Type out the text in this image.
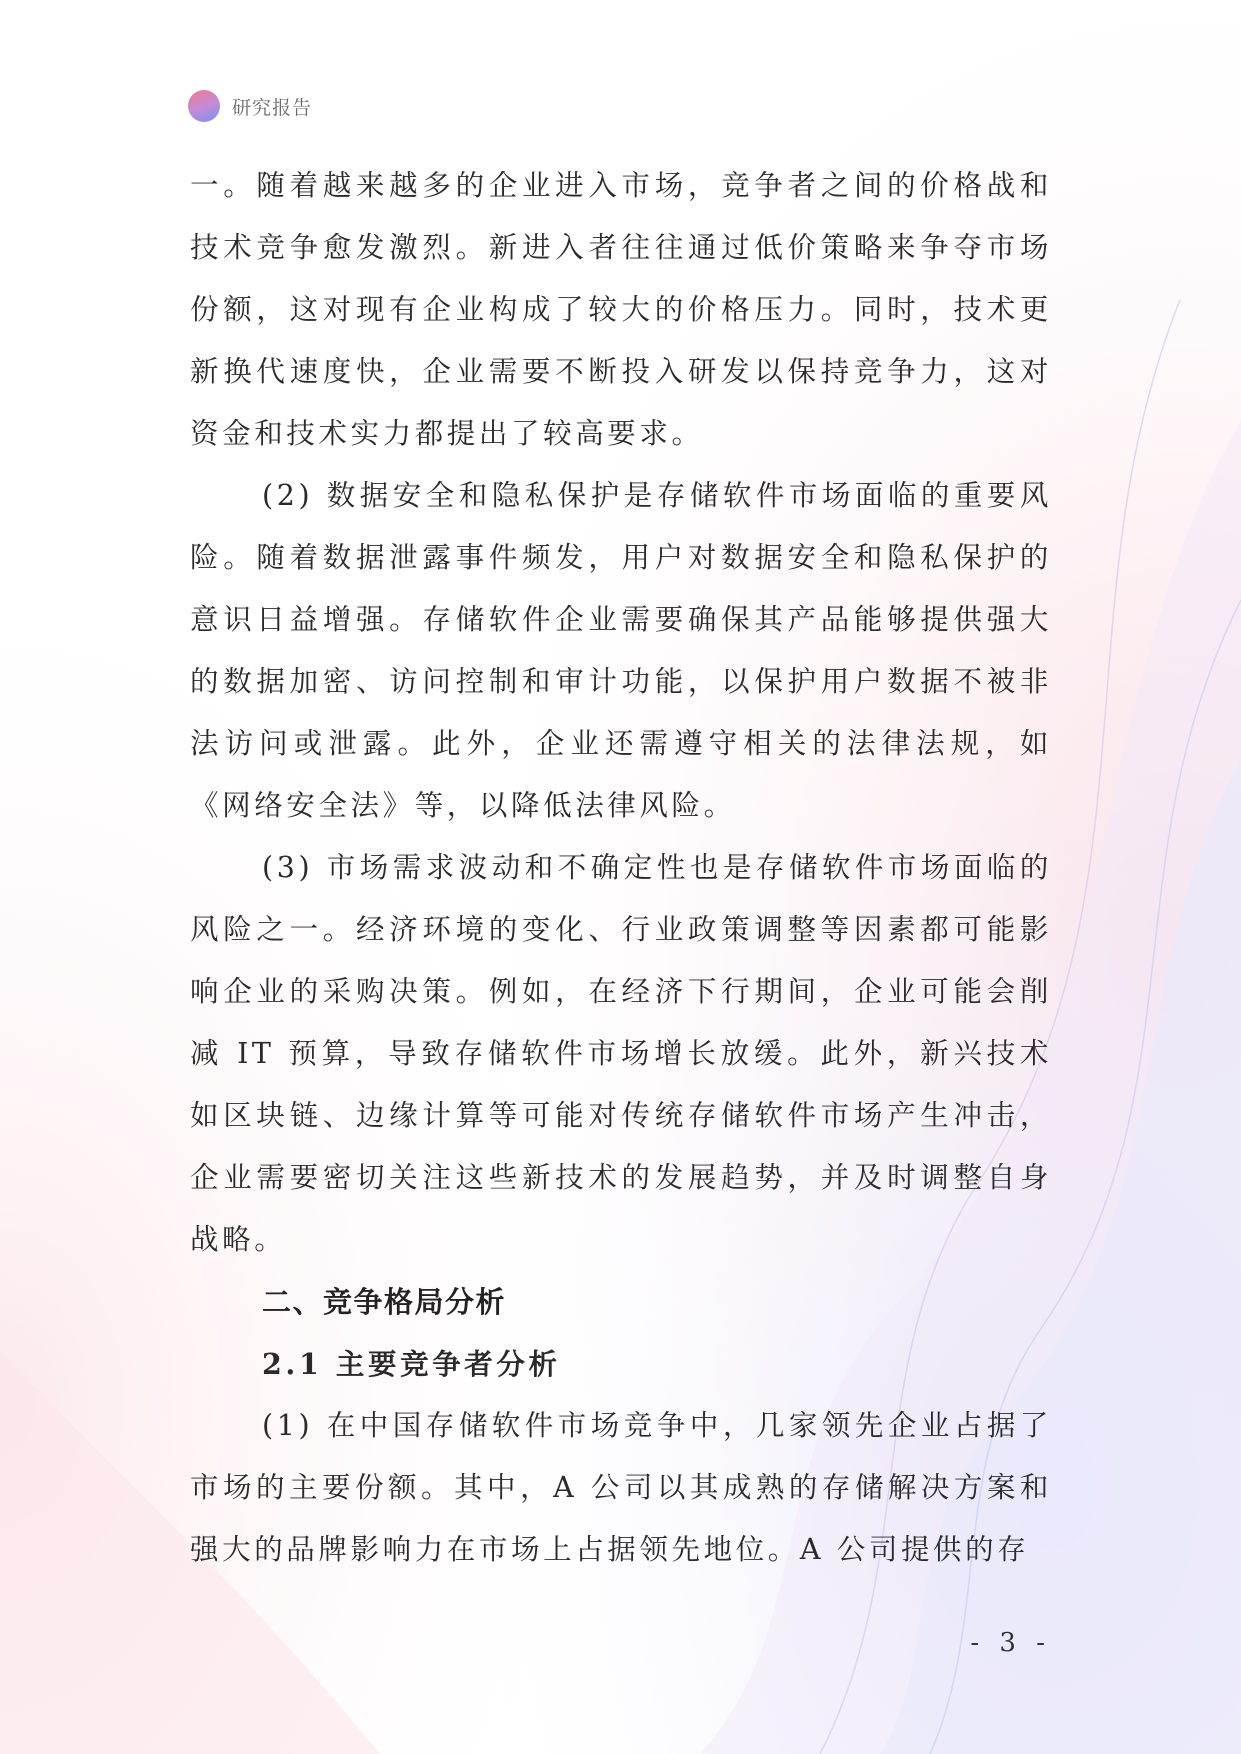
研究报告

一。随着越来越多的企业进入市场，竞争者之间的价格战和技术竞争愈发激烈。新进入者往往通过低价策略来争夺市场份额，这对现有企业构成了较大的价格压力。同时，技术更新换代速度快，企业需要不断投入研发以保持竞争力，这对资金和技术实力都提出了较高要求。

(2) 数据安全和隐私保护是存储软件市场面临的重要风险。随着数据泄露事件频发，用户对数据安全和隐私保护的意识日益增强。存储软件企业需要确保其产品能够提供强大的数据加密、访问控制和审计功能，以保护用户数据不被非法访问或泄露。此外，企业还需遵守相关的法律法规，如《网络安全法》等，以降低法律风险。

(3) 市场需求波动和不确定性也是存储软件市场面临的风险之一。经济环境的变化、行业政策调整等因素都可能影响企业的采购决策。例如，在经济下行期间，企业可能会削减 IT 预算，导致存储软件市场增长放缓。此外，新兴技术如区块链、边缘计算等可能对传统存储软件市场产生冲击，企业需要密切关注这些新技术的发展趋势，并及时调整自身战略。

二、竞争格局分析
2.1 主要竞争者分析

(1) 在中国存储软件市场竞争中，几家领先企业占据了市场的主要份额。其中，A 公司以其成熟的存储解决方案和强大的品牌影响力在市场上占据领先地位。A 公司提供的存

- 3 -
